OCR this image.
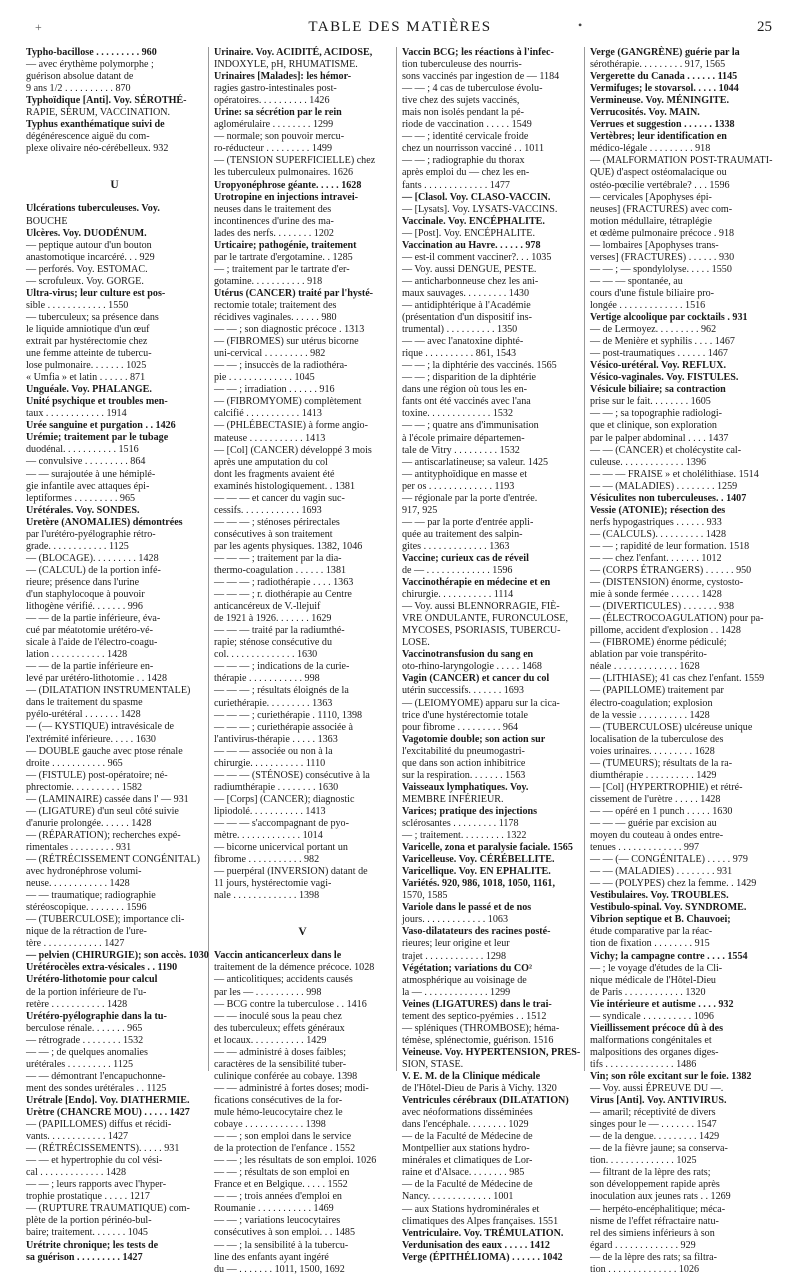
+	TABLE DES MATIÈRES	•	25
Typho-bacillose . . . . . . . . . 960
— avec érythème polymorphe ;
guérison absolue datant de
9 ans 1/2 . . . . . . . . . . 870
Typhoïdique [Anti]. Voy. SÉROTHÉ-
RAPIE, SÉRUM, VACCINATION.
Typhus exanthématique suivi de
dégénérescence aiguë du com-
plexe olivaire néo-cérébelleux. 932
U
Ulcérations tuberculeuses. Voy.
BOUCHE
Ulcères. Voy. DUODÉNUM.
— peptique autour d'un bouton
anastomotique incarcéré. . . 929
— perforés. Voy. ESTOMAC.
— scrofuleux. Voy. GORGE.
Ultra-virus; leur culture est pos-
sible . . . . . . . . . . . . 1550
— tuberculeux; sa présence dans
le liquide amniotique d'un œuf
extrait par hystérectomie chez
une femme atteinte de tubercu-
lose pulmonaire. . . . . . . 1025
« Umfia » et latin . . . . . . 871
Unguéale. Voy. PHALANGE.
Unité psychique et troubles men-
taux . . . . . . . . . . . . 1914
Urée sanguine et purgation . . 1426
Urémie; traitement par le tubage
duodénal. . . . . . . . . . . 1516
— convulsive . . . . . . . . . 864
— — surajoutée à une hémiplé-
gie infantile avec attaques épi-
leptiformes . . . . . . . . . 965
Urétérales. Voy. SONDES.
Uretère (ANOMALIES) démontrées
par l'urétéro-pyélographie rétro-
grade. . . . . . . . . . . . 1125
— (BLOCAGE). . . . . . . . . 1428
— (CALCUL) de la portion infé-
rieure; présence dans l'urine
d'un staphylocoque à pouvoir
lithogène vérifié. . . . . . . 996
— — de la partie inférieure, éva-
cué par méatotomie urétéro-vé-
sicale à l'aide de l'électro-coagu-
lation . . . . . . . . . . . 1428
— — de la partie inférieure en-
levé par urétéro-lithotomie . . 1428
— (DILATATION INSTRUMENTALE)
dans le traitement du spasme
pyélo-urétéral . . . . . . . 1428
— (— KYSTIQUE) intravésicale de
l'extrémité inférieure. . . . . 1630
— DOUBLE gauche avec ptose rénale
droite . . . . . . . . . . . 965
— (FISTULE) post-opératoire; né-
phrectomie. . . . . . . . . . 1582
— (LAMINAIRE) cassée dans l' — 931
— (LIGATURE) d'un seul côté suivie
d'anurie prolongée. . . . . . 1428
— (RÉPARATION); recherches expé-
rimentales . . . . . . . . . 931
— (RÉTRÉCISSEMENT CONGÉNITAL)
avec hydronéphrose volumi-
neuse. . . . . . . . . . . . 1428
— — traumatique; radiographie
stéréoscopique. . . . . . . . 1596
— (TUBERCULOSE); importance cli-
nique de la rétraction de l'ure-
tère . . . . . . . . . . . . 1427
— pelvien (CHIRURGIE); son accès. 1030
Urétérocèles extra-vésicales . . 1190
Urétéro-lithotomie pour calcul
de la portion inférieure de l'u-
retère . . . . . . . . . . . 1428
Urétéro-pyélographie dans la tu-
berculose rénale. . . . . . . 965
— rétrograde . . . . . . . . 1532
— — ; de quelques anomalies
urétérales . . . . . . . . . 1125
— — démontrant l'encapuchonne-
ment des sondes urétérales . . 1125
Urétrale [Endo]. Voy. DIATHERMIE.
Urètre (CHANCRE MOU) . . . . . 1427
— (PAPILLOMES) diffus et récidi-
vants. . . . . . . . . . . . 1427
— (RÉTRÉCISSEMENTS). . . . . 931
— — et hypertrophie du col vési-
cal . . . . . . . . . . . . . 1428
— — ; leurs rapports avec l'hyper-
trophie prostatique . . . . . 1217
— (RUPTURE TRAUMATIQUE) com-
plète de la portion périnéo-bul-
baire; traitement. . . . . . . 1045
Urétrite chronique; les tests de
sa guérison . . . . . . . . . 1427
Urinaire. Voy. ACIDITÉ, ACIDOSE,
INDOXYLE, pH, RHUMATISME.
Urinaires [Malades]: les hémor-
ragies gastro-intestinales post-
opératoires. . . . . . . . . . 1426
Urine: sa sécrétion par le rein
aglomérulaire . . . . . . . . 1299
— normale; son pouvoir mercu-
ro-réducteur . . . . . . . . . 1499
— (TENSION SUPERFICIELLE) chez
les tuberculeux pulmonaires. 1626
Uropyonéphrose géante. . . . . 1628
Urotropine en injections intravei-
neuses dans le traitement des
incontinences d'urine des ma-
lades des nerfs. . . . . . . . 1202
Urticaire; pathogénie, traitement
par le tartrate d'ergotamine. . 1285
— ; traitement par le tartrate d'er-
gotamine. . . . . . . . . . . 918
Utérus (CANCER) traité par l'hysté-
rectomie totale; traitement des
récidives vaginales. . . . . . 980
— — ; son diagnostic précoce . 1313
— (FIBROMES) sur utérus bicorne
uni-cervical . . . . . . . . . 982
— — ; insuccès de la radiothéra-
pie . . . . . . . . . . . . . 1045
— — ; irradiation . . . . . . 916
— (FIBROMYOME) complètement
calcifié . . . . . . . . . . . 1413
— (PHLÉBECTASIE) à forme angio-
mateuse . . . . . . . . . . . 1413
— [Col] (CANCER) développé 3 mois
après une amputation du col
dont les fragments avaient été
examinés histologiquement. . 1381
— — — et cancer du vagin suc-
cessifs. . . . . . . . . . . . 1693
— — — ; sténoses périrectales
consécutives à son traitement
par les agents physiques. 1382, 1046
— — — ; traitement par la dia-
thermo-coagulation . . . . . . 1381
— — — ; radiothérapie . . . . 1363
— — — ; r. diothérapie au Centre
anticancéreux de V.-llejuif
de 1921 à 1926. . . . . . . 1629
— — — traité par la radiumthé-
rapie; sténose consécutive du
col. . . . . . . . . . . . . . 1630
— — — ; indications de la curie-
thérapie . . . . . . . . . . . 998
— — — ; résultats éloignés de la
curiethérapie. . . . . . . . . 1363
— — — ; curiethérapie . 1110, 1398
— — — ; curiethérapie associée à
l'antivirus-thérapie . . . . . 1363
— — — associée ou non à la
chirurgie. . . . . . . . . . . 1110
— — — (STÉNOSE) consécutive à la
radiumthérapie . . . . . . . . 1630
— [Corps] (CANCER); diagnostic
lipiodolé. . . . . . . . . . . 1413
— — — s'accompagnant de pyo-
mètre. . . . . . . . . . . . . 1014
— bicorne unicervical portant un
fibrome . . . . . . . . . . . 982
— puerpéral (INVERSION) datant de
11 jours, hystérectomie vagi-
nale . . . . . . . . . . . . . 1398
V
Vaccin anticancerleux dans le
traitement de la démence précoce. 1028
— anticolitiques; accidents causés
par les — . . . . . . . . . . 998
— BCG contre la tuberculose . . 1416
— — inoculé sous la peau chez
des tuberculeux; effets généraux
et locaux. . . . . . . . . . . 1429
— — administré à doses faibles;
caractères de la sensibilité tuber-
culinique conférée au cobaye. 1398
— — administré à fortes doses; modi-
fications consécutives de la for-
mule hémo-leucocytaire chez le
cobaye . . . . . . . . . . . . 1398
— — ; son emploi dans le service
de la protection de l'enfance . 1552
— — ; les résultats de son emploi. 1026
— — ; résultats de son emploi en
France et en Belgique. . . . . 1552
— — ; trois années d'emploi en
Roumanie . . . . . . . . . . . 1469
— — ; variations leucocytaires
consécutives à son emploi. . . 1485
— — ; la sensibilité à la tubercu-
line des enfants ayant ingéré
du — . . . . . . . 1011, 1500, 1692
Vaccin BCG; les réactions à l'infec-
tion tuberculeuse des nourris-
sons vaccinés par ingestion de — 1184
— — ; 4 cas de tuberculose évolu-
tive chez des sujets vaccinés,
mais non isolés pendant la pé-
riode de vaccination . . . . . 1549
— — ; identité cervicale froide
chez un nourrisson vacciné . . 1011
— — ; radiographie du thorax
après emploi du — chez les en-
fants . . . . . . . . . . . . . 1477
— [Clasol. Voy. CLASO-VACCIN.
— [Lysats]. Voy. LYSATS-VACCINS.
Vaccinale. Voy. ENCÉPHALITE.
— [Post]. Voy. ENCÉPHALITE.
Vaccination au Havre. . . . . . 978
— est-il comment vacciner?. . . 1035
— Voy. aussi DENGUE, PESTE.
— anticharbonneuse chez les ani-
maux sauvages. . . . . . . . . 1430
— antidiphtérique à l'Académie
(présentation d'un dispositif ins-
trumental) . . . . . . . . . . 1350
— — avec l'anatoxine diphté-
rique . . . . . . . . . . 861, 1543
— — ; la diphtérie des vaccinés. 1565
— — ; disparition de la diphtérie
dans une région où tous les en-
fants ont été vaccinés avec l'ana
toxine. . . . . . . . . . . . . 1532
— — ; quatre ans d'immunisation
à l'école primaire départemen-
tale de Vitry . . . . . . . . . 1532
— antiscarlatineuse; sa valeur. 1425
— antityphoïdique en masse et
per os . . . . . . . . . . . . . 1193
— régionale par la porte d'entrée.
917, 925
— — par la porte d'entrée appli-
quée au traitement des salpin-
gites . . . . . . . . . . . . . 1363
Vaccine; curieux cas de réveil
de — . . . . . . . . . . . . . 1596
Vaccinothérapie en médecine et en
chirurgie. . . . . . . . . . . 1114
— Voy. aussi BLENNORRAGIE, FIÈ-
VRE ONDULANTE, FURONCULOSE,
MYCOSES, PSORIASIS, TUBERCU-
LOSE.
Vaccinotransfusion du sang en
oto-rhino-laryngologie . . . . . 1468
Vagin (CANCER) et cancer du col
utérin successifs. . . . . . . 1693
— (LEIOMYOME) apparu sur la cica-
trice d'une hystérectomie totale
pour fibrome . . . . . . . . . 964
Vagotomie double; son action sur
l'excitabilité du pneumogastri-
que dans son action inhibitrice
sur la respiration. . . . . . . 1563
Vaisseaux lymphatiques. Voy.
MEMBRE INFÉRIEUR.
Varices; pratique des injections
sclérosantes . . . . . . . . . 1178
— ; traitement. . . . . . . . . 1322
Varicelle, zona et paralysie faciale. 1565
Varicelleuse. Voy. CÉRÉBELLITE.
Varicellique. Voy. EN EPHALITE.
Variétés. 920, 986, 1018, 1050, 1161,
1570, 1585
Variole dans le passé et de nos
jours. . . . . . . . . . . . . 1063
Vaso-dilatateurs des racines posté-
rieures; leur origine et leur
trajet . . . . . . . . . . . . 1298
Végétation; variations du CO²
atmosphérique au voisinage de
la — . . . . . . . . . . . . . 1299
Veines (LIGATURES) dans le trai-
tement des septico-pyémies . . 1512
— spléniques (THROMBOSE); héma-
témèse, splénectomie, guérison. 1516
Veineuse. Voy. HYPERTENSION, PRES-
SION, STASE.
V. E. M. de la Clinique médicale
de l'Hôtel-Dieu de Paris à Vichy. 1320
Ventricules cérébraux (DILATATION)
avec néoformations disséminées
dans l'encéphale. . . . . . . . 1029
— de la Faculté de Médecine de
Montpellier aux stations hydro-
minérales et climatiques de Lor-
raine et d'Alsace. . . . . . . . 985
— de la Faculté de Médecine de
Nancy. . . . . . . . . . . . . 1001
— aux Stations hydrominérales et
climatiques des Alpes françaises. 1551
Ventriculaire. Voy. TRÉMULATION.
Verdunisation des eaux . . . . . 1412
Verge (ÉPITHÉLIOMA) . . . . . . 1042
Verge (GANGRÈNE) guérie par la
sérothérapie. . . . . . . . . 917, 1565
Vergerette du Canada . . . . . . 1145
Vermifuges; le stovarsol. . . . . 1044
Vermineuse. Voy. MÉNINGITE.
Verrucosités. Voy. MAIN.
Verrues et suggestion . . . . . . 1338
Vertèbres; leur identification en
médico-légale . . . . . . . . . 918
— (MALFORMATION POST-TRAUMATI-
QUE) d'aspect ostéomalacique ou
ostéo-pœcilie vertébrale? . . . 1596
— cervicales [Apophyses épi-
neuses] (FRACTURES) avec com-
motion médullaire, tétraplégie
et œdème pulmonaire précoce . 918
— lombaires [Apophyses trans-
verses] (FRACTURES) . . . . . . 930
— — ; — spondylolyse. . . . . 1550
— — — spontanée, au
cours d'une fistule biliaire pro-
longée . . . . . . . . . . . . . 1516
Vertige alcoolique par cocktails . 931
— de Lermoyez. . . . . . . . . 962
— de Menière et syphilis . . . . 1467
— post-traumatiques . . . . . . 1467
Vésico-urétéral. Voy. REFLUX.
Vésico-vaginales. Voy. FISTULES.
Vésicule biliaire; sa contraction
prise sur le fait. . . . . . . . 1605
— — ; sa topographie radiologi-
que et clinique, son exploration
par le palper abdominal . . . . 1437
— — (CANCER) et cholécystite cal-
culeuse. . . . . . . . . . . . . 1396
— — — FRAISE » et cholélithiase. 1514
— — (MALADIES) . . . . . . . . 1259
Vésiculites non tuberculeuses. . 1407
Vessie (ATONIE); résection des
nerfs hypogastriques . . . . . . 933
— (CALCULS). . . . . . . . . . 1428
— — ; rapidité de leur formation. 1518
— — chez l'enfant. . . . . . . 1012
— (CORPS ÉTRANGERS) . . . . . . 950
— (DISTENSION) énorme, cystosto-
mie à sonde fermée . . . . . . 1428
— (DIVERTICULES) . . . . . . . 938
— (ÉLECTROCOAGULATION) pour pa-
pillome, accident d'explosion . . 1428
— (FIBROME) énorme pédiculé;
ablation par voie transpérito-
néale . . . . . . . . . . . . . 1628
— (LITHIASE); 41 cas chez l'enfant. 1559
— (PAPILLOME) traitement par
électro-coagulation; explosion
de la vessie . . . . . . . . . . 1428
— (TUBERCULOSE) ulcéreuse unique
localisation de la tuberculose des
voies urinaires. . . . . . . . . 1628
— (TUMEURS); résultats de la ra-
diumthérapie . . . . . . . . . . 1429
— [Col] (HYPERTROPHIE) et rétré-
cissement de l'urètre . . . . . 1428
— — opéré en 1 punch . . . . . 1630
— — — guérie par excision au
moyen du couteau à ondes entre-
tenues . . . . . . . . . . . . . 997
— — (— CONGÉNITALE) . . . . . 979
— — (MALADIES) . . . . . . . . 931
— — (POLYPES) chez la femme. . 1429
Vestibulaires. Voy. TROUBLES.
Vestibulo-spinal. Voy. SYNDROME.
Vibrion septique et B. Chauvoei;
étude comparative par la réac-
tion de fixation . . . . . . . . 915
Vichy; la campagne contre . . . . 1554
— ; le voyage d'études de la Cli-
nique médicale de l'Hôtel-Dieu
de Paris . . . . . . . . . . . . 1320
Vie intérieure et autisme . . . . 932
— syndicale . . . . . . . . . . 1096
Vieillissement précoce dû à des
malformations congénitales et
malpositions des organes diges-
tifs . . . . . . . . . . . . . . 1486
Vin; son rôle excitant sur le foie. 1382
— Voy. aussi ÉPREUVE DU —.
Virus [Anti]. Voy. ANTIVIRUS.
— amaril; réceptivité de divers
singes pour le — . . . . . . . 1547
— de la dengue. . . . . . . . . 1429
— de la fièvre jaune; sa conserva-
tion. . . . . . . . . . . . . . 1025
— filtrant de la lèpre des rats;
son développement rapide après
inoculation aux jeunes rats . . 1269
— herpéto-encéphalitique; méca-
nisme de l'effet réfractaire natu-
rel des simiens inférieurs à son
égard . . . . . . . . . . . . . 929
— de la lèpre des rats; sa filtra-
tion . . . . . . . . . . . . . . 1026
